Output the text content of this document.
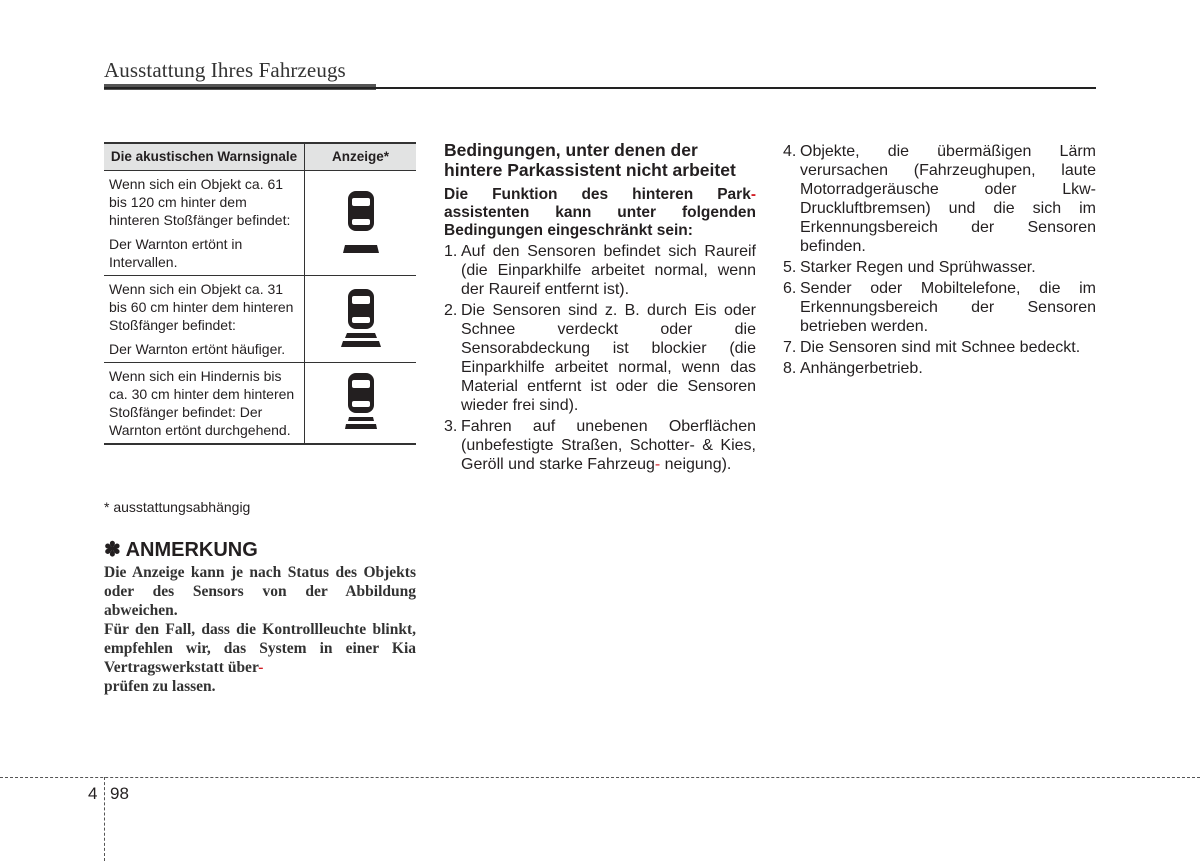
Ausstattung Ihres Fahrzeugs
Die akustischen Warnsignale	Anzeige*

Wenn sich ein Objekt ca. 61 bis 120 cm hinter dem hinteren Stoßfänger befindet:

Der Warnton ertönt in Intervallen.

Wenn sich ein Objekt ca. 31 bis 60 cm hinter dem hinteren Stoßfänger befindet:

Der Warnton ertönt häufiger.

Wenn sich ein Hindernis bis ca. 30 cm hinter dem hinteren Stoßfänger befindet: Der Warnton ertönt durchgehend.

* ausstattungsabhängig
✽ ANMERKUNG

Die Anzeige kann je nach Status des Objekts oder des Sensors von der Abbildung abweichen.

Für den Fall, dass die Kontrollleuchte blinkt, empfehlen wir, das System in einer Kia Vertragswerkstatt über-
prüfen zu lassen.

Bedingungen, unter denen der hintere Parkassistent nicht arbeitet
Die Funktion des hinteren Park- assistenten kann unter folgenden Bedingungen eingeschränkt sein:
1. Auf den Sensoren befindet sich Raureif (die Einparkhilfe arbeitet normal, wenn der Raureif entfernt ist).
2. Die Sensoren sind z. B. durch Eis oder Schnee verdeckt oder die Sensorabdeckung ist blockier (die Einparkhilfe arbeitet normal, wenn das Material entfernt ist oder die Sensoren wieder frei sind).
3. Fahren auf unebenen Oberflächen (unbefestigte Straßen, Schotter- & Kies, Geröll und starke Fahrzeug- neigung).
4. Objekte, die übermäßigen Lärm verursachen (Fahrzeughupen, laute Motorradgeräusche oder Lkw-Druckluftbremsen) und die sich im Erkennungsbereich der Sensoren befinden.
5. Starker Regen und Sprühwasser.
6. Sender oder Mobiltelefone, die im Erkennungsbereich der Sensoren betrieben werden.
7. Die Sensoren sind mit Schnee bedeckt.
8. Anhängerbetrieb.
4 98
